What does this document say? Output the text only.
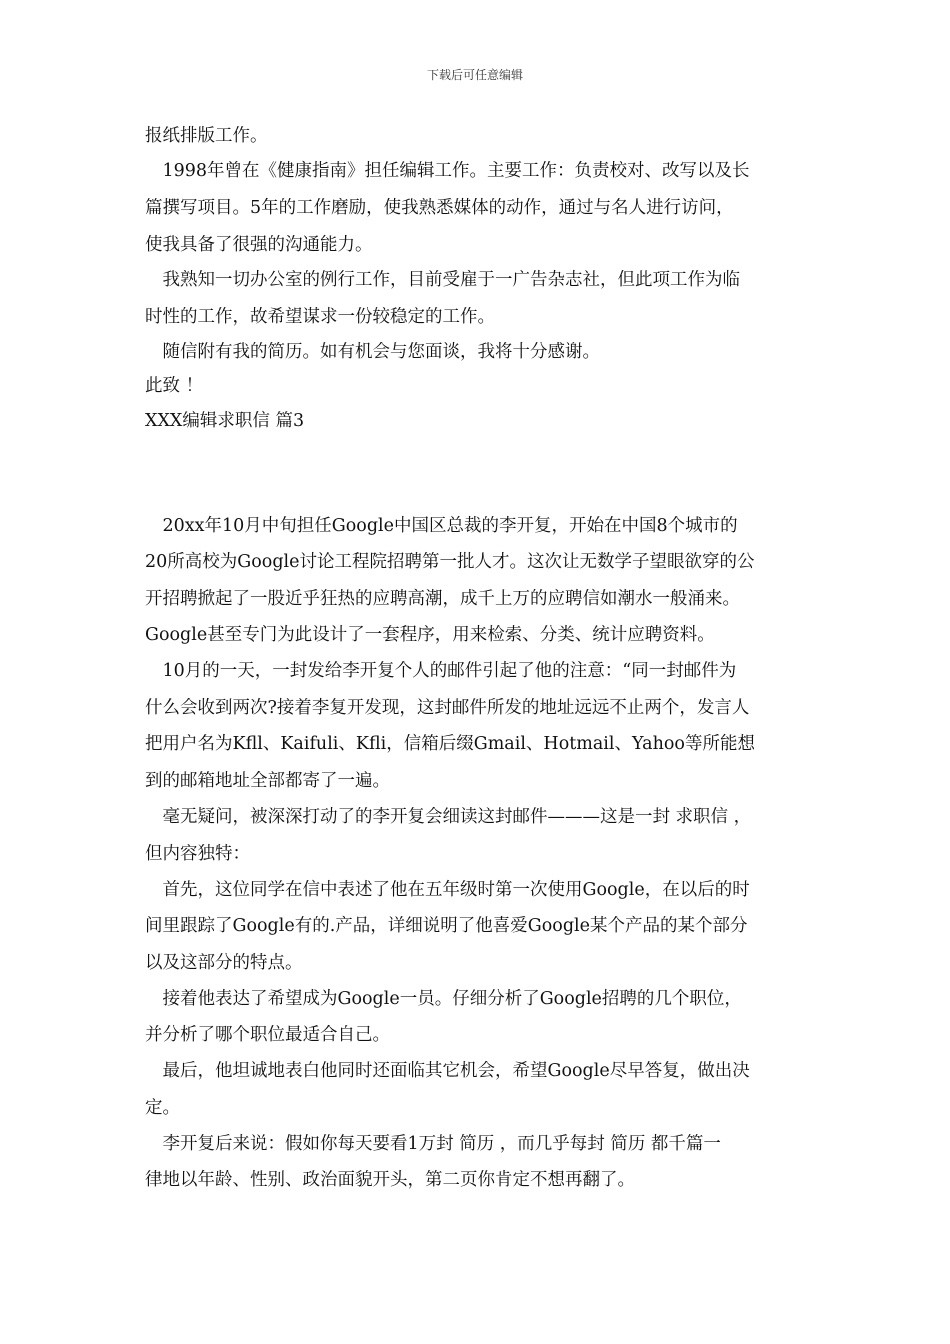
下载后可任意编辑
报纸排版工作。
　1998年曾在《健康指南》担任编辑工作。主要工作：负责校对、改写以及长
篇撰写项目。5年的工作磨励，使我熟悉媒体的动作，通过与名人进行访问，
使我具备了很强的沟通能力。
　我熟知一切办公室的例行工作，目前受雇于一广告杂志社，但此项工作为临
时性的工作，故希望谋求一份较稳定的工作。
　随信附有我的简历。如有机会与您面谈，我将十分感谢。
此致 ！
XXX编辑求职信 篇3
　20xx年10月中旬担任Google中国区总裁的李开复，开始在中国8个城市的
20所高校为Google讨论工程院招聘第一批人才。这次让无数学子望眼欲穿的公
开招聘掀起了一股近乎狂热的应聘高潮，成千上万的应聘信如潮水一般涌来。
Google甚至专门为此设计了一套程序，用来检索、分类、统计应聘资料。
　10月的一天，一封发给李开复个人的邮件引起了他的注意：“同一封邮件为
什么会收到两次?接着李复开发现，这封邮件所发的地址远远不止两个，发言人
把用户名为Kfll、Kaifuli、Kfli，信箱后缀Gmail、Hotmail、Yahoo等所能想
到的邮箱地址全部都寄了一遍。
　毫无疑问，被深深打动了的李开复会细读这封邮件———这是一封 求职信 ，
但内容独特：
　首先，这位同学在信中表述了他在五年级时第一次使用Google，在以后的时
间里跟踪了Google有的.产品，详细说明了他喜爱Google某个产品的某个部分
以及这部分的特点。
　接着他表达了希望成为Google一员。仔细分析了Google招聘的几个职位，
并分析了哪个职位最适合自己。
　最后，他坦诚地表白他同时还面临其它机会，希望Google尽早答复，做出决
定。
　李开复后来说：假如你每天要看1万封 简历 ，而几乎每封 简历 都千篇一
律地以年龄、性别、政治面貌开头，第二页你肯定不想再翻了。
